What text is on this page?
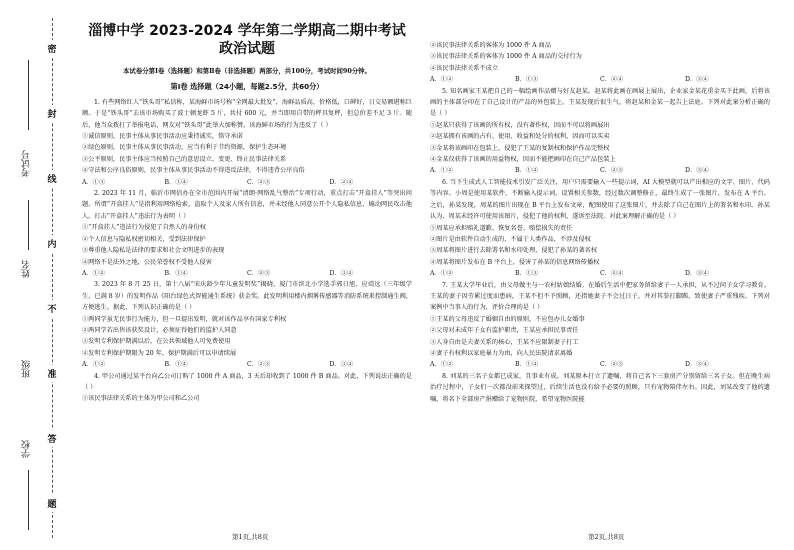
考试号
姓名
班级
学校
密
封
线
内
不
准
答
题
淄博中学 2023-2024 学年第二学期高二期中考试政治试题
本试卷分第Ⅰ卷（选择题）和第Ⅱ卷（非选择题）两部分，共100分，考试时间90分钟。
第Ⅰ卷 选择题（24小题，每题2.5分，共60分）

1. 有些网络红人“铁头哥”私信称，某海鲜市场号称“全网最大批发”，海鲜品质高，价格低，口碑好，日交易额堪称巨额。于是“铁头哥”去该市场购买了波士顿龙虾 5 斤，共付 600 元，并当即用自带的秤具复秤，但总价差不足 3 斤。随后，他当众拨打了举报电话，网友对“铁头哥”此举大加称赞。该海鲜市场的行为违反了（ ）

①诚信原则，民事主体从事民事活动应秉持诚实，恪守承诺

②绿色原则，民事主体从事民事活动，应当有利于节约资源，保护生态环境

③公平原则，民事主体应当按照自己的意思设立、变更、终止民事法律关系

④守法和公序良俗原则，民事主体从事民事活动不得违反法律，不得违背公序良俗

A．①③	B．①④	C．②③	D．②④

2. 2023 年 11 月，临沂市网信办在全市范围内开展“清朗·网络乱气整治”专项行动，重点打击“开盒挂人”等突出问题。所谓“开盒挂人”是指利用网络检索，盗取个人及家人所有信息，并未经他人同意公开个人隐私信息，煽动网民攻击他人。打击“开盒挂人”违法行为表明（ ）

①“开盒挂人”违法行为侵犯了自然人的身份权

②个人信息与隐私权密切相关，受到法律保护

③尊重他人隐私是法律的要求和社会文明进步的表现

④网络不是法外之地，公民荣誉权不受他人侵害

A．①②	B．①④	C．②③	D．③④

3. 2023 年 8 月 25 日，第十八届“宋庆龄少年儿童发明奖”揭晓，厦门市滨北小学选手郭日旭、应靖远（三年级学生，已满 8 岁）的发明作品《阳台绿色式智能通生系统》获金奖。此发明利用楼内烟雾传感器等消防系统来控制通生阀，方便逃生。据此，下列认识正确的是（ ）

①两同学虽无民事行为能力，但一旦提出发明，就对该作品享有国家专利权

②两同学若出售该获奖设计，必须征得他们的监护人同意

③发明专利保护期满以后，在公共领域他人可免费使用

④发明专利保护期限为 20 年，保护期满后可以申请续展

A．①②	B．①④	C．②③	D．③④

4. 甲公司通过某平台向乙公司订购了 1000 件 A 商品，3 天后却收到了 1000 件 B 商品。对此，下列说法正确的是（ ）

①该民事法律关系的主体为甲公司和乙公司

第1页,共8页

②该民事法律关系的客体为 1000 件 A 商品

③该民事法律关系的客体为 1000 件 A 商品的交付行为

④该民事法律关系不成立

A．①②	B．①③	C．②④	D．③④

5. 知名画家王某把自己的一幅绘画作品赠与好友赵某。赵某将此画在画展上展出，企业家金某花重金买下此画，后将该画的主体部分印在了自己设计的产品的外包装上。王某发现后很生气，将赵某和金某一起告上法庭。下列对此案分析正确的是（ ）

①赵某只获得了该画的所有权，没有著作权，因而不可以将画展出

②赵某拥有该画的占有、使用、收益和处分的权利，因而可以买卖

③金某将该画印在包装上，侵犯了王某的复制权和保护作品完整权

④金某仅获得了该画的用益物权，因而不能把画印在自己产品包装上

A．①②	B．①④	C．②③	D．③④

6. 当下生成式人工智能技术引发广泛关注，用户只需要输入一些提示词，AI 大模型就可以产出相应的文字、图片、代码等内容。小周是使用某软件，不断输入提示词，设置相关参数，经过数次调整修正，最终生成了一张图片，发布在 A 平台。之后，孙某发现，周某的图片出现在 B 平台上发布文章，配图使用了这张图片，并去除了自己在图片上的署名和水印。孙某认为，周某未经许可使用该图片，侵犯了他的权利，遂诉至法院。对此案理解正确的是（ ）

①周某应承担赔礼道歉、恢复名誉、赔偿损失的责任

②图片是由软件自动生成的，不属于人类作品，不涉及侵权

③周某将图片进行去除署名和水印处理，侵犯了孙某的著名权

④周某将图片发布在 B 平台上，侵害了孙某的信息网络传播权

A．①②	B．①③	C．②④	D．③④

7. 王某大学毕业后，由父母做主与一农村姑娘结婚。在婚后生活中把家务留给妻子一人承担，从不过问子女学习教育。王某的妻子因劳累过度而患病，王某不但不予照顾，还指她妻子不会过日子，并对其拳打脚踢，致使妻子严重残疾。下列对案例中当事人的行为，评价合理的是（ ）

①王某的父母违反了婚姻自由的原则，不应包办儿女婚事

②父母对未成年子女有监护职责，王某应承担民事责任

③人身自由是夫妻关系的核心，王某不应限制妻子打工

④妻子有权利以家庭暴力为由，向人民法院请求离婚

A．①②	B．①④	C．②③	D．③④

8. 刘某的三名子女都已成家，且事业有成。刘某原本打立了遗嘱，将自己名下三套房产分别留给三名子女。但在晚生病治疗过程中，子女们一次都没前来探望过，后续生活也没有给予必要的照顾，只有宠物陪伴左右。因此，刘某改变了他的遗嘱，将名下全部房产捐赠给了宠物医院，希望宠物医院能

第2页,共8页
